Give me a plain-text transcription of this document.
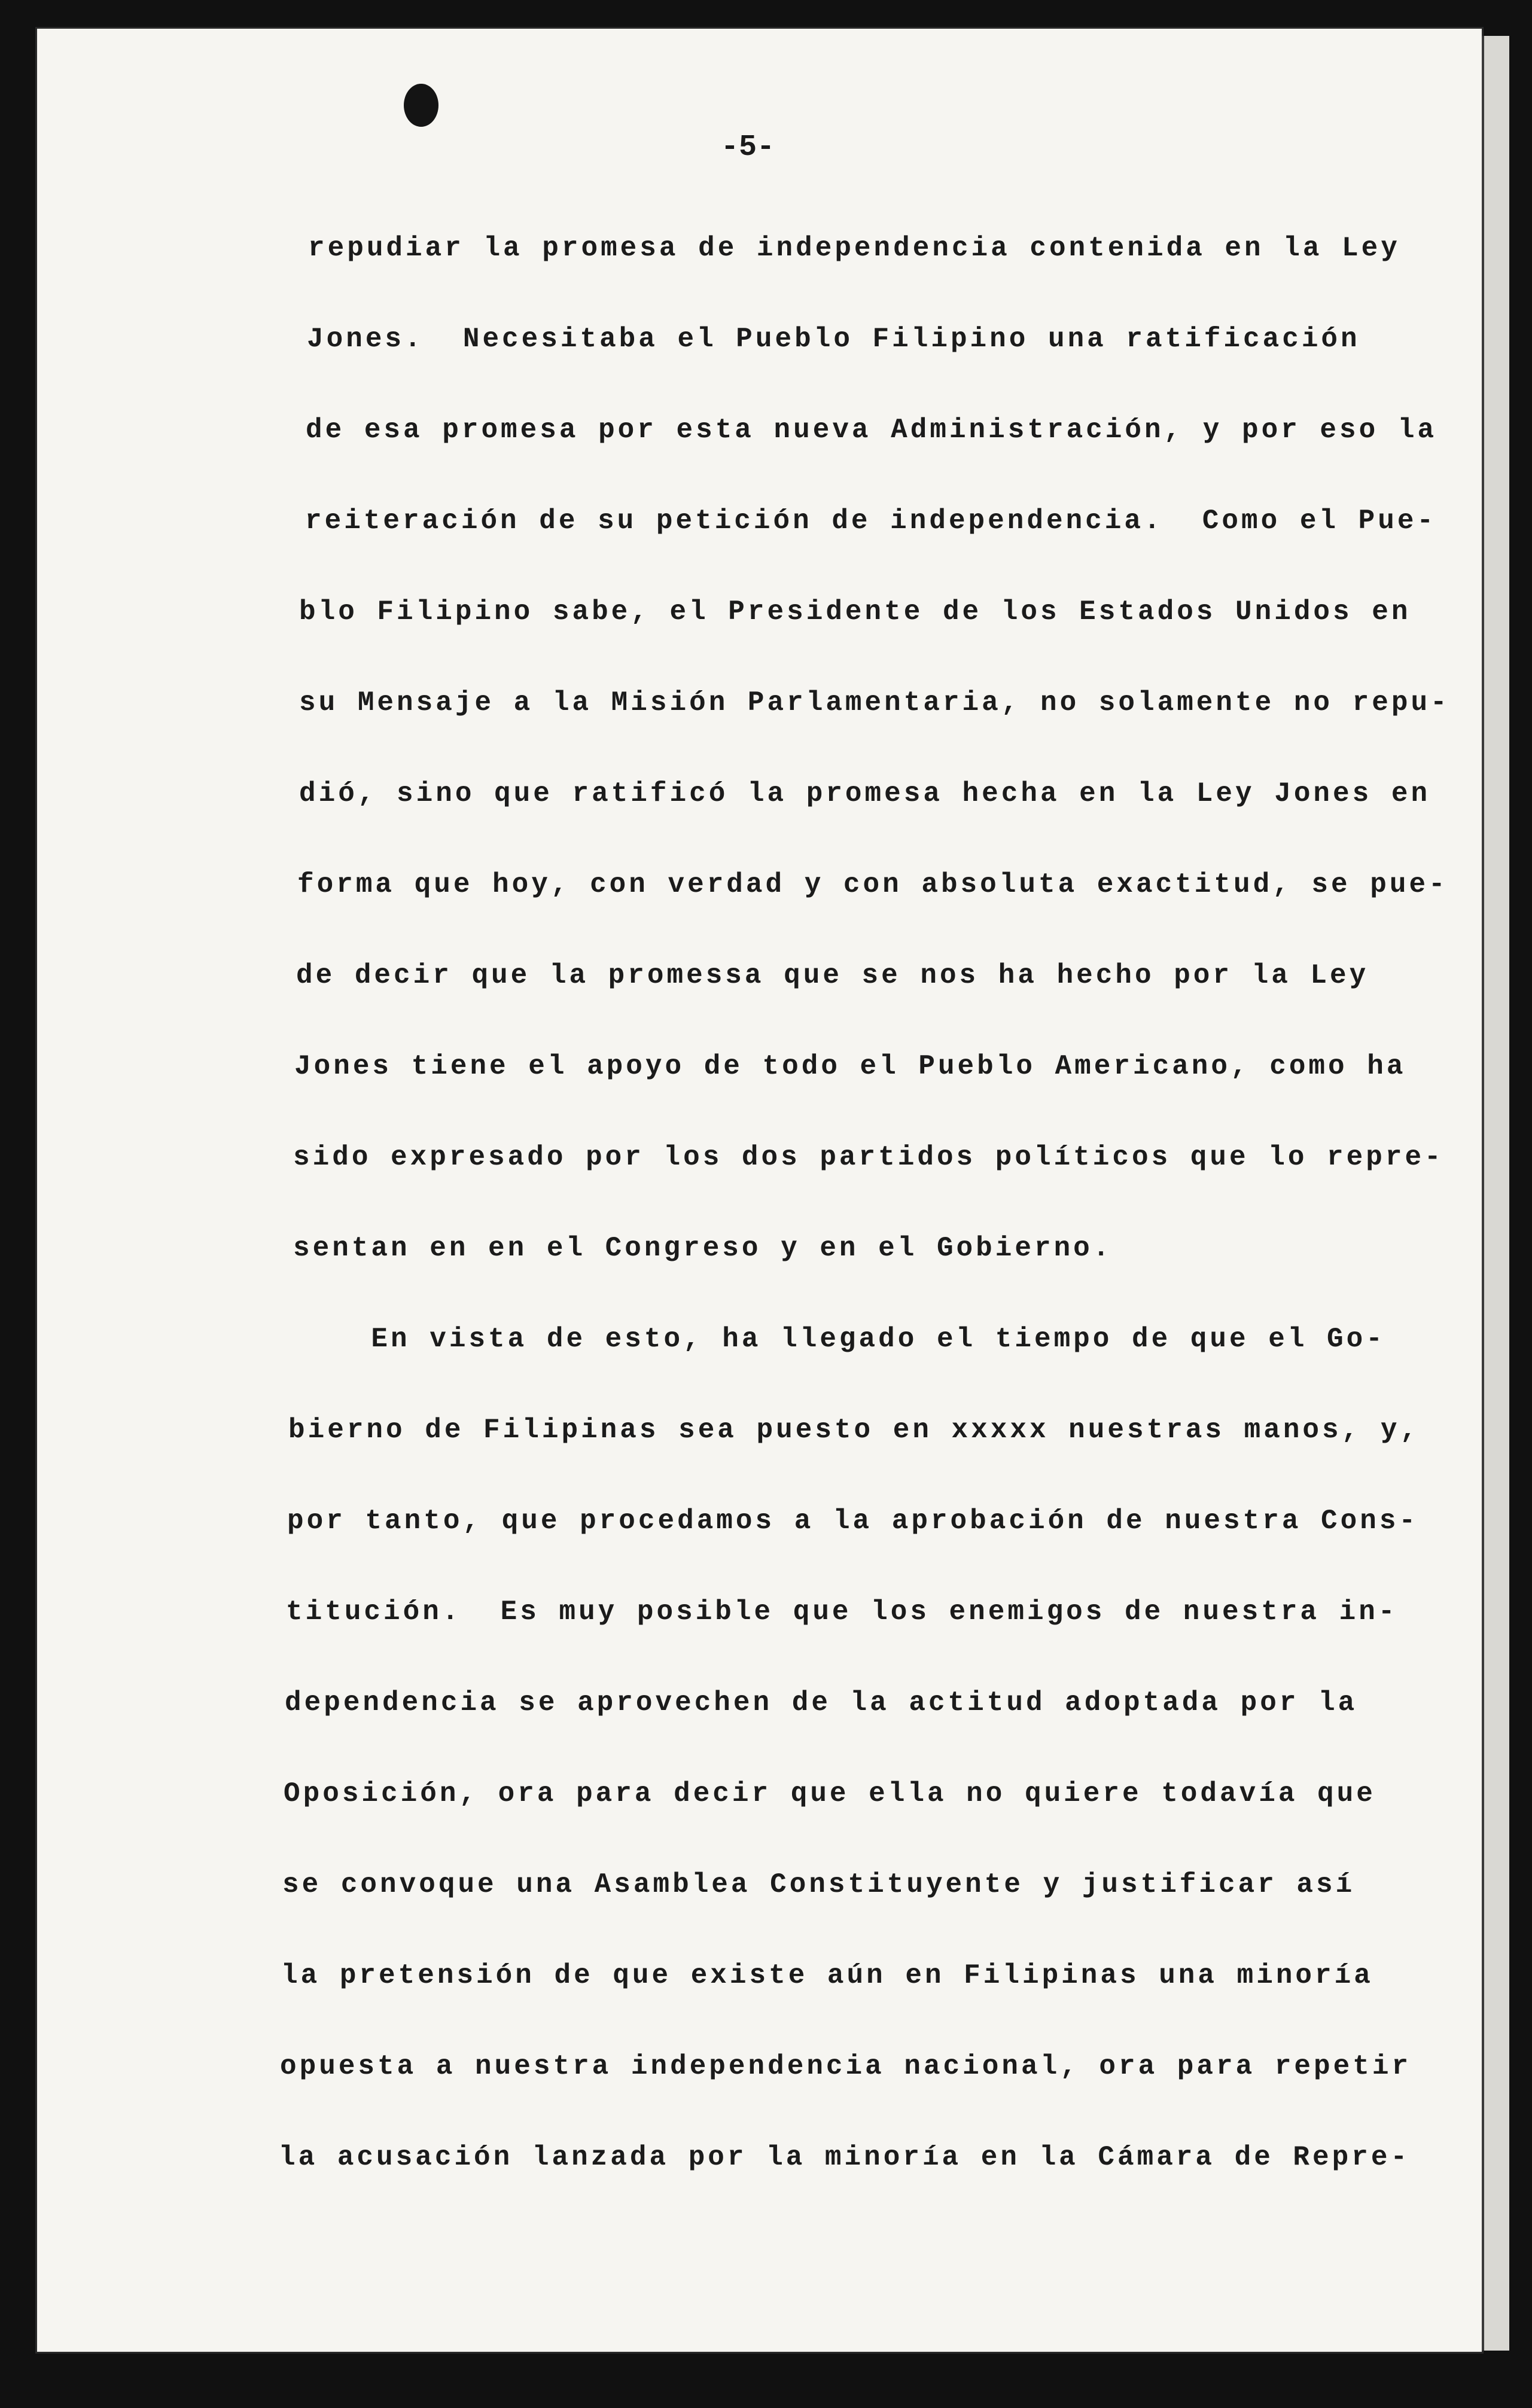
-5-
repudiar la promesa de independencia contenida en la Ley
Jones.  Necesitaba el Pueblo Filipino una ratificación
de esa promesa por esta nueva Administración, y por eso la
reiteración de su petición de independencia.  Como el Pue-
blo Filipino sabe, el Presidente de los Estados Unidos en
su Mensaje a la Misión Parlamentaria, no solamente no repu-
dió, sino que ratificó la promesa hecha en la Ley Jones en
forma que hoy, con verdad y con absoluta exactitud, se pue-
de decir que la promessa que se nos ha hecho por la Ley
Jones tiene el apoyo de todo el Pueblo Americano, como ha
sido expresado por los dos partidos políticos que lo repre-
sentan en en el Congreso y en el Gobierno.
En vista de esto, ha llegado el tiempo de que el Go-
bierno de Filipinas sea puesto en xxxxx nuestras manos, y,
por tanto, que procedamos a la aprobación de nuestra Cons-
titución.  Es muy posible que los enemigos de nuestra in-
dependencia se aprovechen de la actitud adoptada por la
Oposición, ora para decir que ella no quiere todavía que
se convoque una Asamblea Constituyente y justificar así
la pretensión de que existe aún en Filipinas una minoría
opuesta a nuestra independencia nacional, ora para repetir
la acusación lanzada por la minoría en la Cámara de Repre-
